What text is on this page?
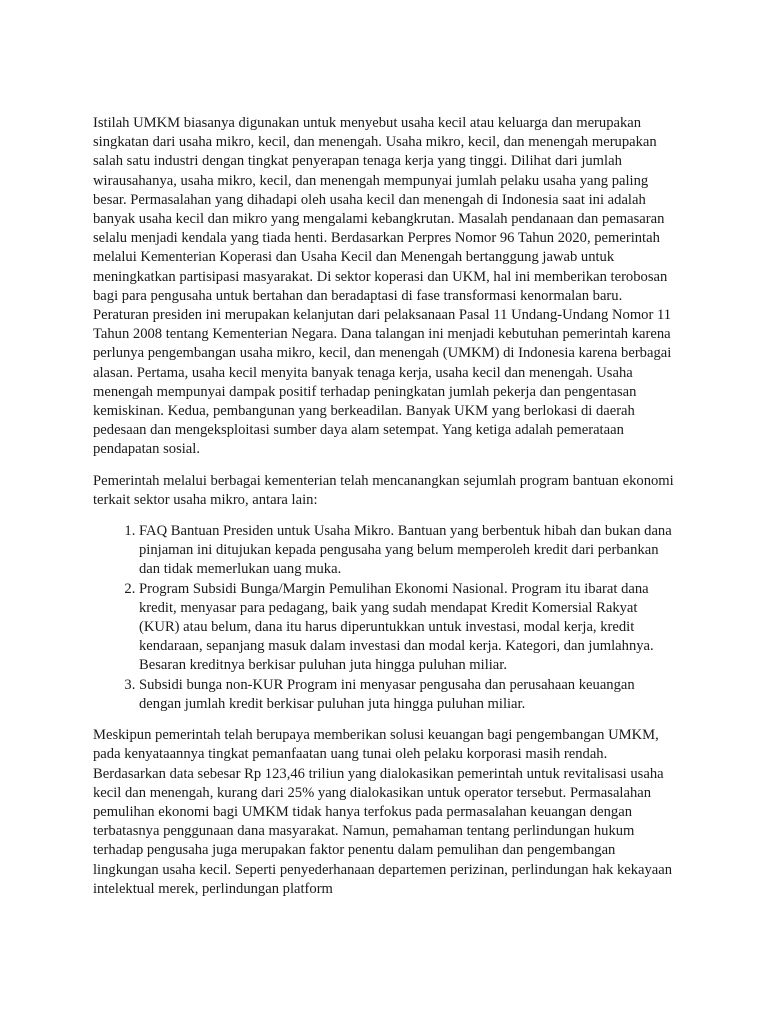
Istilah UMKM biasanya digunakan untuk menyebut usaha kecil atau keluarga dan merupakan singkatan dari usaha mikro, kecil, dan menengah. Usaha mikro, kecil, dan menengah merupakan salah satu industri dengan tingkat penyerapan tenaga kerja yang tinggi. Dilihat dari jumlah wirausahanya, usaha mikro, kecil, dan menengah mempunyai jumlah pelaku usaha yang paling besar. Permasalahan yang dihadapi oleh usaha kecil dan menengah di Indonesia saat ini adalah banyak usaha kecil dan mikro yang mengalami kebangkrutan. Masalah pendanaan dan pemasaran selalu menjadi kendala yang tiada henti. Berdasarkan Perpres Nomor 96 Tahun 2020, pemerintah melalui Kementerian Koperasi dan Usaha Kecil dan Menengah bertanggung jawab untuk meningkatkan partisipasi masyarakat. Di sektor koperasi dan UKM, hal ini memberikan terobosan bagi para pengusaha untuk bertahan dan beradaptasi di fase transformasi kenormalan baru. Peraturan presiden ini merupakan kelanjutan dari pelaksanaan Pasal 11 Undang-Undang Nomor 11 Tahun 2008 tentang Kementerian Negara. Dana talangan ini menjadi kebutuhan pemerintah karena perlunya pengembangan usaha mikro, kecil, dan menengah (UMKM) di Indonesia karena berbagai alasan. Pertama, usaha kecil menyita banyak tenaga kerja, usaha kecil dan menengah. Usaha menengah mempunyai dampak positif terhadap peningkatan jumlah pekerja dan pengentasan kemiskinan. Kedua, pembangunan yang berkeadilan. Banyak UKM yang berlokasi di daerah pedesaan dan mengeksploitasi sumber daya alam setempat. Yang ketiga adalah pemerataan pendapatan sosial.

Pemerintah melalui berbagai kementerian telah mencanangkan sejumlah program bantuan ekonomi terkait sektor usaha mikro, antara lain:

1. FAQ Bantuan Presiden untuk Usaha Mikro. Bantuan yang berbentuk hibah dan bukan dana pinjaman ini ditujukan kepada pengusaha yang belum memperoleh kredit dari perbankan dan tidak memerlukan uang muka.
2. Program Subsidi Bunga/Margin Pemulihan Ekonomi Nasional. Program itu ibarat dana kredit, menyasar para pedagang, baik yang sudah mendapat Kredit Komersial Rakyat (KUR) atau belum, dana itu harus diperuntukkan untuk investasi, modal kerja, kredit kendaraan, sepanjang masuk dalam investasi dan modal kerja. Kategori, dan jumlahnya. Besaran kreditnya berkisar puluhan juta hingga puluhan miliar.
3. Subsidi bunga non-KUR Program ini menyasar pengusaha dan perusahaan keuangan dengan jumlah kredit berkisar puluhan juta hingga puluhan miliar.

Meskipun pemerintah telah berupaya memberikan solusi keuangan bagi pengembangan UMKM, pada kenyataannya tingkat pemanfaatan uang tunai oleh pelaku korporasi masih rendah. Berdasarkan data sebesar Rp 123,46 triliun yang dialokasikan pemerintah untuk revitalisasi usaha kecil dan menengah, kurang dari 25% yang dialokasikan untuk operator tersebut. Permasalahan pemulihan ekonomi bagi UMKM tidak hanya terfokus pada permasalahan keuangan dengan terbatasnya penggunaan dana masyarakat. Namun, pemahaman tentang perlindungan hukum terhadap pengusaha juga merupakan faktor penentu dalam pemulihan dan pengembangan lingkungan usaha kecil. Seperti penyederhanaan departemen perizinan, perlindungan hak kekayaan intelektual merek, perlindungan platform
